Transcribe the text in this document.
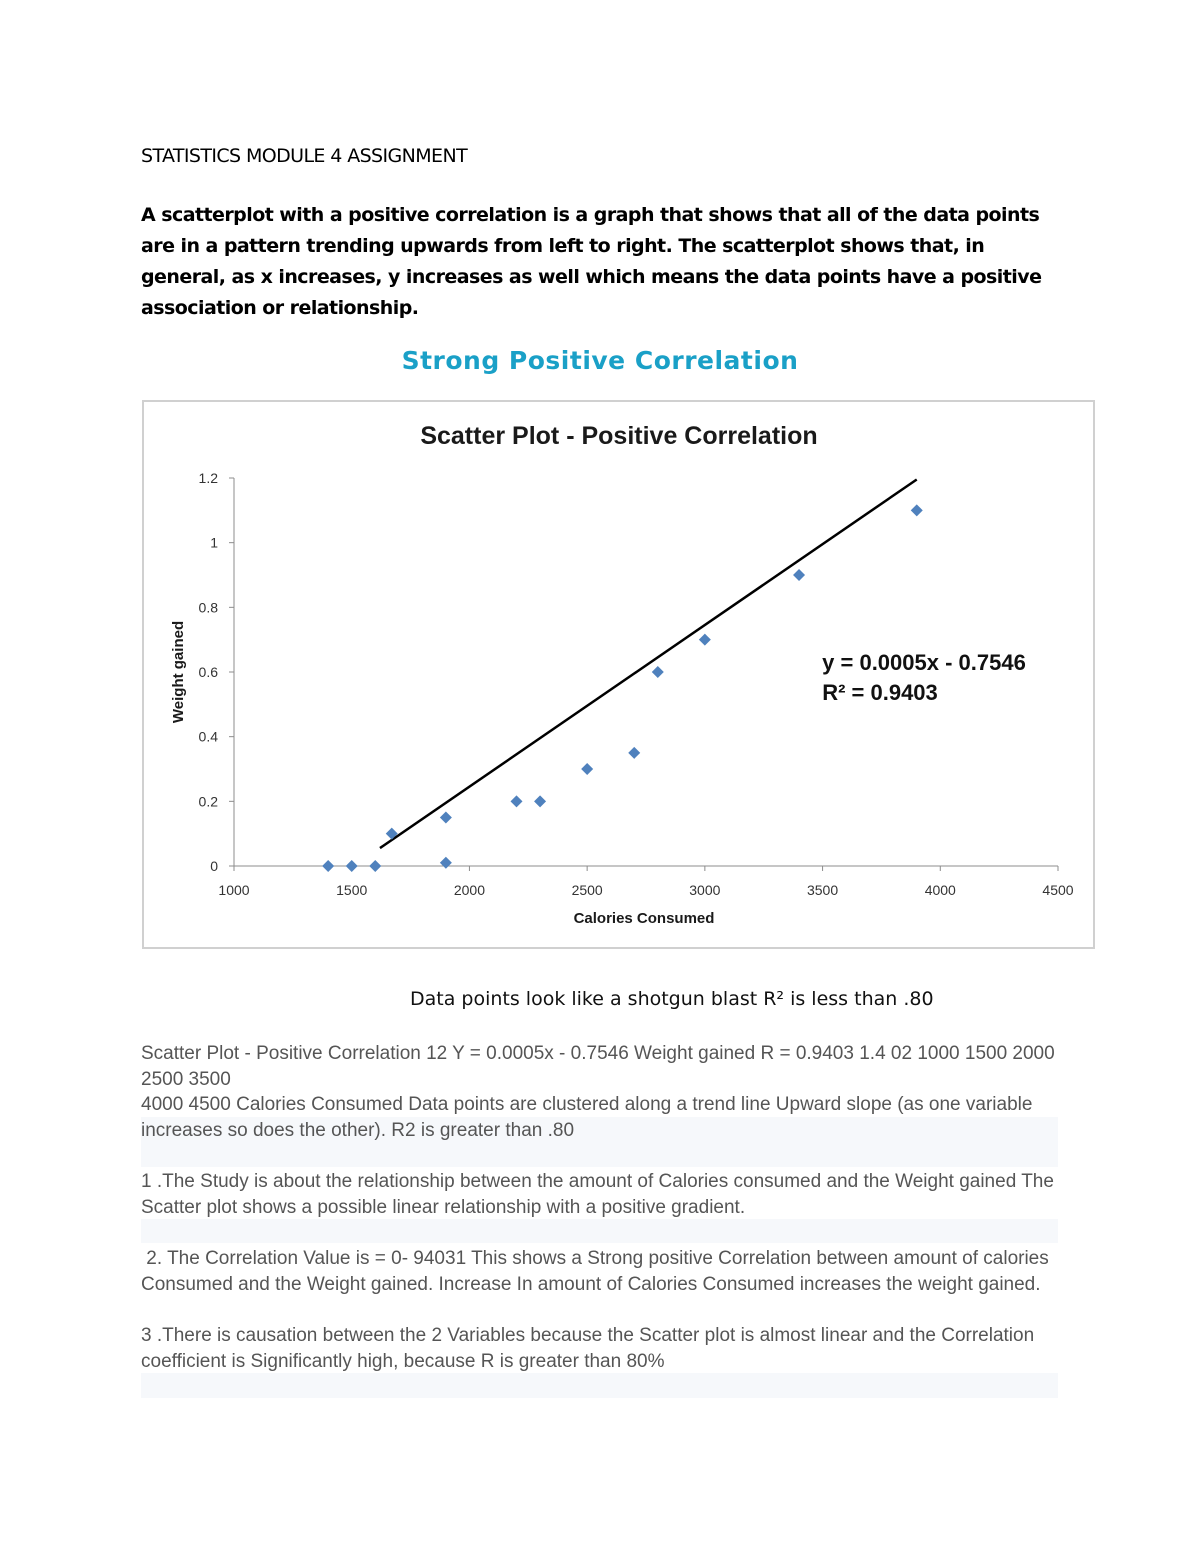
STATISTICS MODULE 4 ASSIGNMENT
A scatterplot with a positive correlation is a graph that shows that all of the data points are in a pattern trending upwards from left to right. The scatterplot shows that, in general, as x increases, y increases as well which means the data points have a positive association or relationship.
Strong Positive Correlation
Scatter Plot - Positive Correlation
0
0.2
0.4
0.6
0.8
1
1.2
1000	1500	2000	2500	3000	3500	4000	4500
Calories Consumed
Weight gained	y = 0.0005x - 0.7546
R² = 0.9403
Data points look like a shotgun blast R² is less than .80
Scatter Plot - Positive Correlation 12 Y = 0.0005x - 0.7546 Weight gained R = 0.9403 1.4 02 1000 1500 2000 2500 3500
4000 4500 Calories Consumed Data points are clustered along a trend line Upward slope (as one variable increases so does the other). R2 is greater than .80
1 .The Study is about the relationship between the amount of Calories consumed and the Weight gained The Scatter plot shows a possible linear relationship with a positive gradient.
2. The Correlation Value is = 0- 94031 This shows a Strong positive Correlation between amount of calories Consumed and the Weight gained. Increase In amount of Calories Consumed increases the weight gained.
3 .There is causation between the 2 Variables because the Scatter plot is almost linear and the Correlation coefficient is Significantly high, because R is greater than 80%
